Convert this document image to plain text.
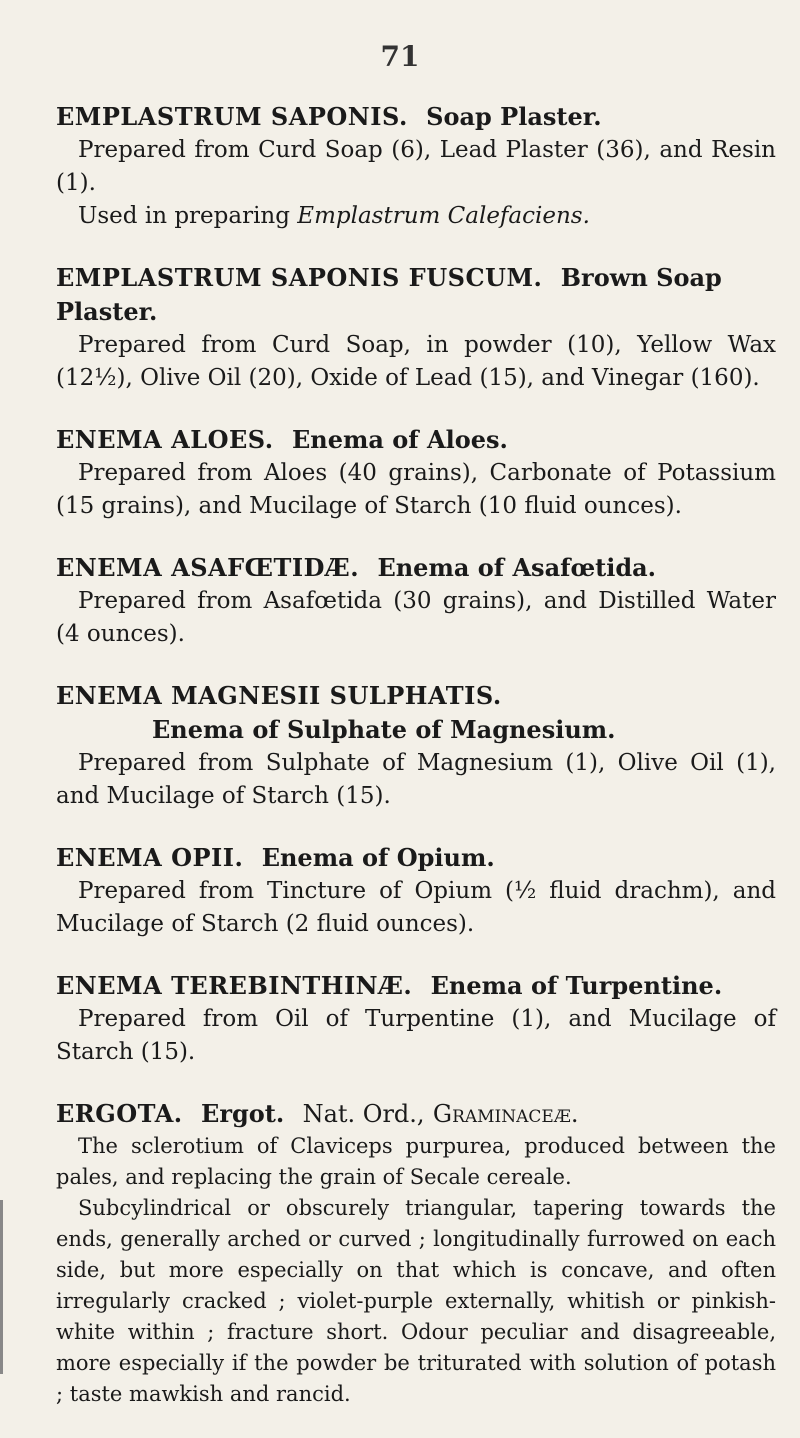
71

EMPLASTRUM SAPONIS. Soap Plaster.

Prepared from Curd Soap (6), Lead Plaster (36), and Resin (1).

Used in preparing Emplastrum Calefaciens.

EMPLASTRUM SAPONIS FUSCUM. Brown Soap Plaster.

Prepared from Curd Soap, in powder (10), Yellow Wax (12½), Olive Oil (20), Oxide of Lead (15), and Vinegar (160).

ENEMA ALOES. Enema of Aloes.

Prepared from Aloes (40 grains), Carbonate of Potassium (15 grains), and Mucilage of Starch (10 fluid ounces).

ENEMA ASAFŒTIDÆ. Enema of Asafœtida.

Prepared from Asafœtida (30 grains), and Distilled Water (4 ounces).

ENEMA MAGNESII SULPHATIS.
Enema of Sulphate of Magnesium.

Prepared from Sulphate of Magnesium (1), Olive Oil (1), and Mucilage of Starch (15).

ENEMA OPII. Enema of Opium.

Prepared from Tincture of Opium (½ fluid drachm), and Mucilage of Starch (2 fluid ounces).

ENEMA TEREBINTHINÆ. Enema of Turpentine.

Prepared from Oil of Turpentine (1), and Mucilage of Starch (15).

ERGOTA. Ergot. Nat. Ord., Graminaceæ.

The sclerotium of Claviceps purpurea, produced between the pales, and replacing the grain of Secale cereale.

Subcylindrical or obscurely triangular, tapering towards the ends, generally arched or curved ; longitudinally furrowed on each side, but more especially on that which is concave, and often irregularly cracked ; violet-purple externally, whitish or pinkish-white within ; fracture short. Odour peculiar and disagreeable, more especially if the powder be triturated with solution of potash ; taste mawkish and rancid.
